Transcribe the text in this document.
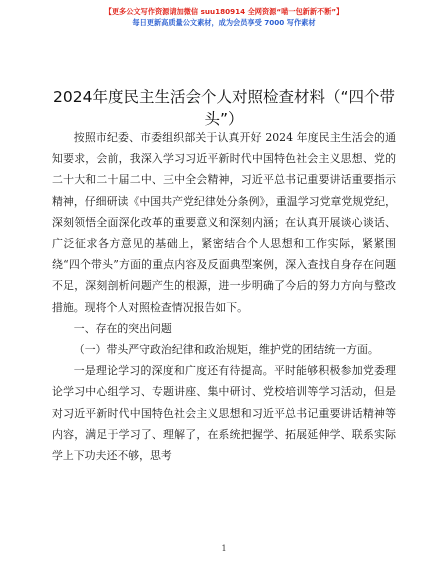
【更多公文写作资源请加微信 suu180914 全网资源“喵一包新新不断”】
每日更新高质量公文素材，成为会员享受 7000 写作素材
2024年度民主生活会个人对照检查材料（“四个带头”）

按照市纪委、市委组织部关于认真开好 2024 年度民主生活会的通知要求，会前，我深入学习习近平新时代中国特色社会主义思想、党的二十大和二十届二中、三中全会精神，习近平总书记重要讲话重要指示精神，仔细研读《中国共产党纪律处分条例》，重温学习党章党规党纪，深刻领悟全面深化改革的重要意义和深刻内涵；在认真开展谈心谈话、广泛征求各方意见的基础上，紧密结合个人思想和工作实际，紧紧围绕“四个带头”方面的重点内容及反面典型案例，深入查找自身存在问题不足，深刻剖析问题产生的根源，进一步明确了今后的努力方向与整改措施。现将个人对照检查情况报告如下。

一、存在的突出问题

（一）带头严守政治纪律和政治规矩，维护党的团结统一方面。

一是理论学习的深度和广度还有待提高。平时能够积极参加党委理论学习中心组学习、专题讲座、集中研讨、党校培训等学习活动，但是对习近平新时代中国特色社会主义思想和习近平总书记重要讲话精神等内容，满足于学习了、理解了，在系统把握学、拓展延伸学、联系实际学上下功夫还不够，思考

1
